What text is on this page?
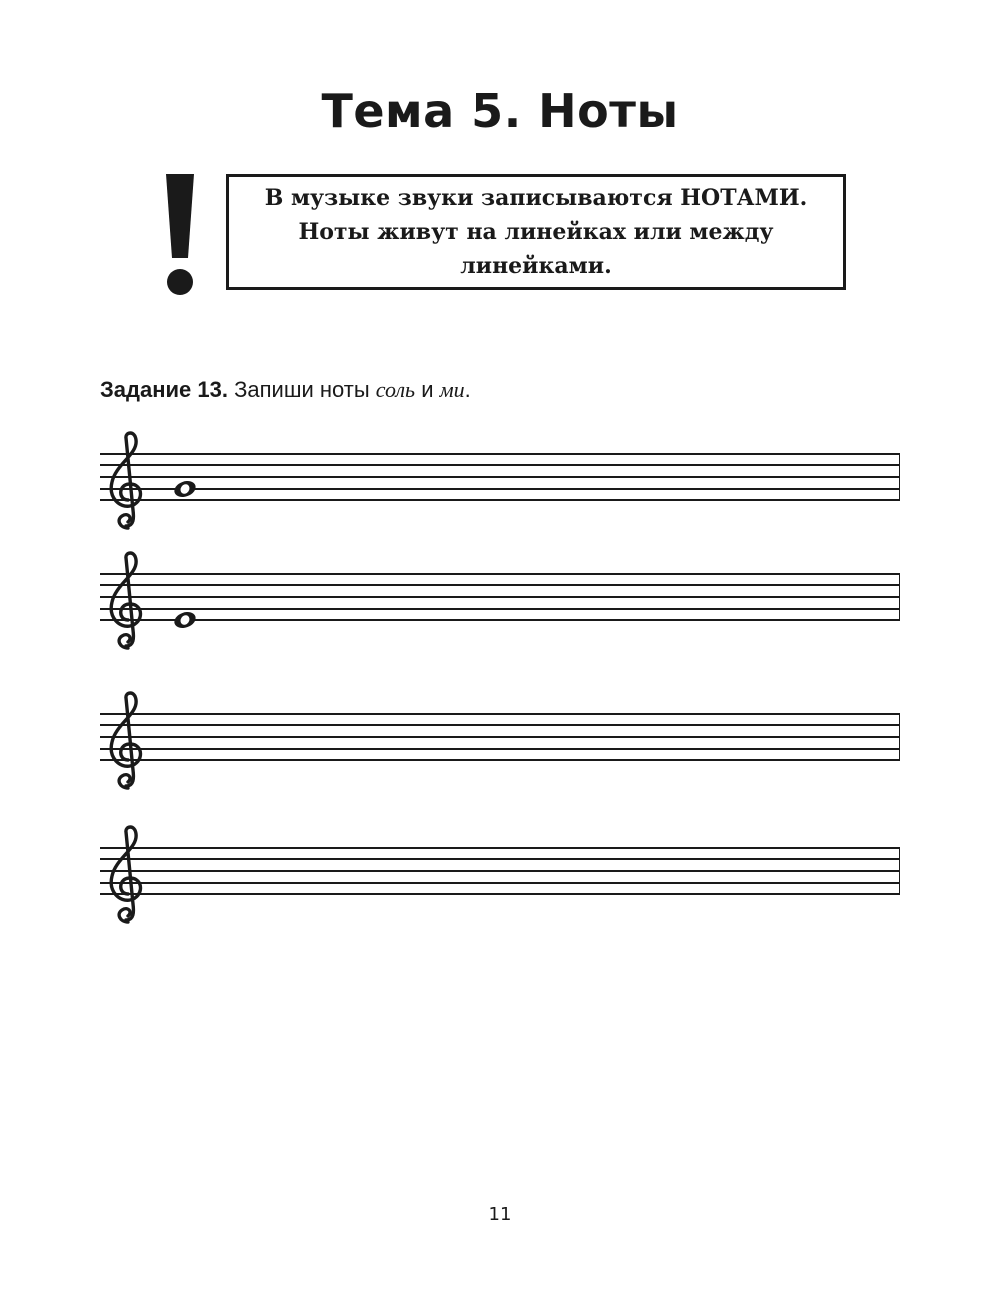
Тема 5. Ноты
В музыке звуки записываются НОТАМИ.
Ноты живут на линейках или между
линейками.
Задание 13. Запиши ноты соль и ми.
11
